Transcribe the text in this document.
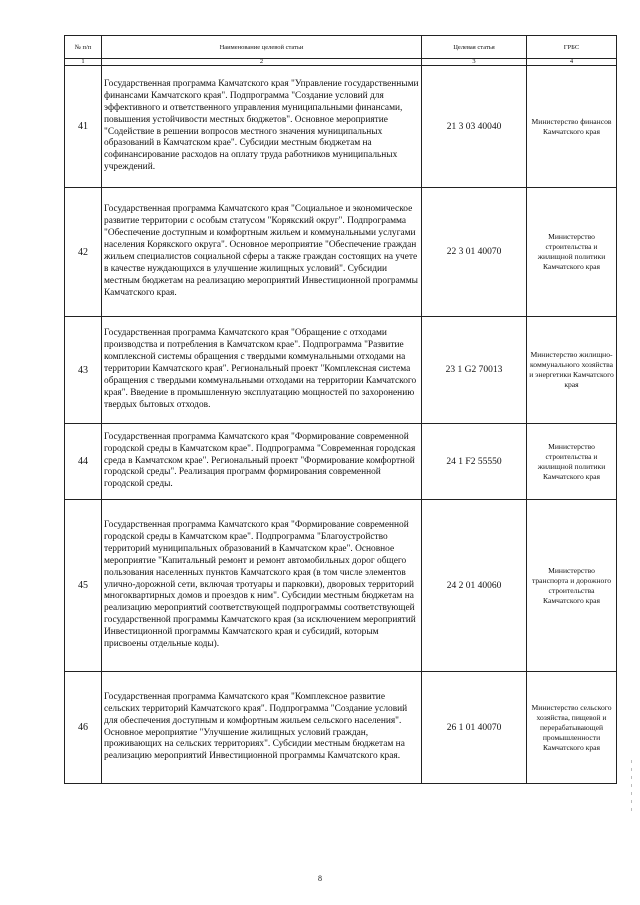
№ п/п	Наименование целевой статьи	Целевая статья	ГРБС
1	2	3	4
41	Государственная программа Камчатского края "Управление государственными финансами Камчатского края". Подпрограмма "Создание условий для эффективного и ответственного управления муниципальными финансами, повышения устойчивости местных бюджетов". Основное мероприятие "Содействие в решении вопросов местного значения муниципальных образований в Камчатском крае". Субсидии местным бюджетам на софинансирование расходов на оплату труда работников муниципальных учреждений.	21 3 03 40040	Министерство финансов Камчатского края
42	Государственная программа Камчатского края "Социальное и экономическое развитие территории с особым статусом "Корякский округ". Подпрограмма "Обеспечение доступным и комфортным жильем и коммунальными услугами населения Корякского округа". Основное мероприятие "Обеспечение граждан жильем специалистов социальной сферы а также граждан состоящих на учете в качестве нуждающихся в улучшение жилищных условий". Субсидии местным бюджетам на реализацию мероприятий Инвестиционной программы Камчатского края.	22 3 01 40070	Министерство строительства и жилищной политики Камчатского края
43	Государственная программа Камчатского края "Обращение с отходами производства и потребления в Камчатском крае". Подпрограмма "Развитие комплексной системы обращения с твердыми коммунальными отходами на территории Камчатского края". Региональный проект "Комплексная система обращения с твердыми коммунальными отходами на территории Камчатского края". Введение в промышленную эксплуатацию мощностей по захоронению твердых бытовых отходов.	23 1 G2 70013	Министерство жилищно-коммунального хозяйства и энергетики Камчатского края
44	Государственная программа Камчатского края "Формирование современной городской среды в Камчатском крае". Подпрограмма "Современная городская среда в Камчатском крае". Региональный проект "Формирование комфортной городской среды". Реализация программ формирования современной городской среды.	24 1 F2 55550	Министерство строительства и жилищной политики Камчатского края
45	Государственная программа Камчатского края "Формирование современной городской среды в Камчатском крае". Подпрограмма "Благоустройство территорий муниципальных образований в Камчатском крае". Основное мероприятие "Капитальный ремонт и ремонт автомобильных дорог общего пользования населенных пунктов Камчатского края (в том числе элементов улично-дорожной сети, включая тротуары и парковки), дворовых территорий многоквартирных домов и проездов к ним". Субсидии местным бюджетам на реализацию мероприятий соответствующей подпрограммы соответствующей государственной программы Камчатского края (за исключением мероприятий Инвестиционной программы Камчатского края и субсидий, которым присвоены отдельные коды).	24 2 01 40060	Министерство транспорта и дорожного строительства Камчатского края
46	Государственная программа Камчатского края "Комплексное развитие сельских территорий Камчатского края". Подпрограмма "Создание условий для обеспечения доступным и комфортным жильем сельского населения". Основное мероприятие "Улучшение жилищных условий граждан, проживающих на сельских территориях". Субсидии местным бюджетам на реализацию мероприятий Инвестиционной программы Камчатского края.	26 1 01 40070	Министерство сельского хозяйства, пищевой и перерабатывающей промышленности Камчатского края
8
